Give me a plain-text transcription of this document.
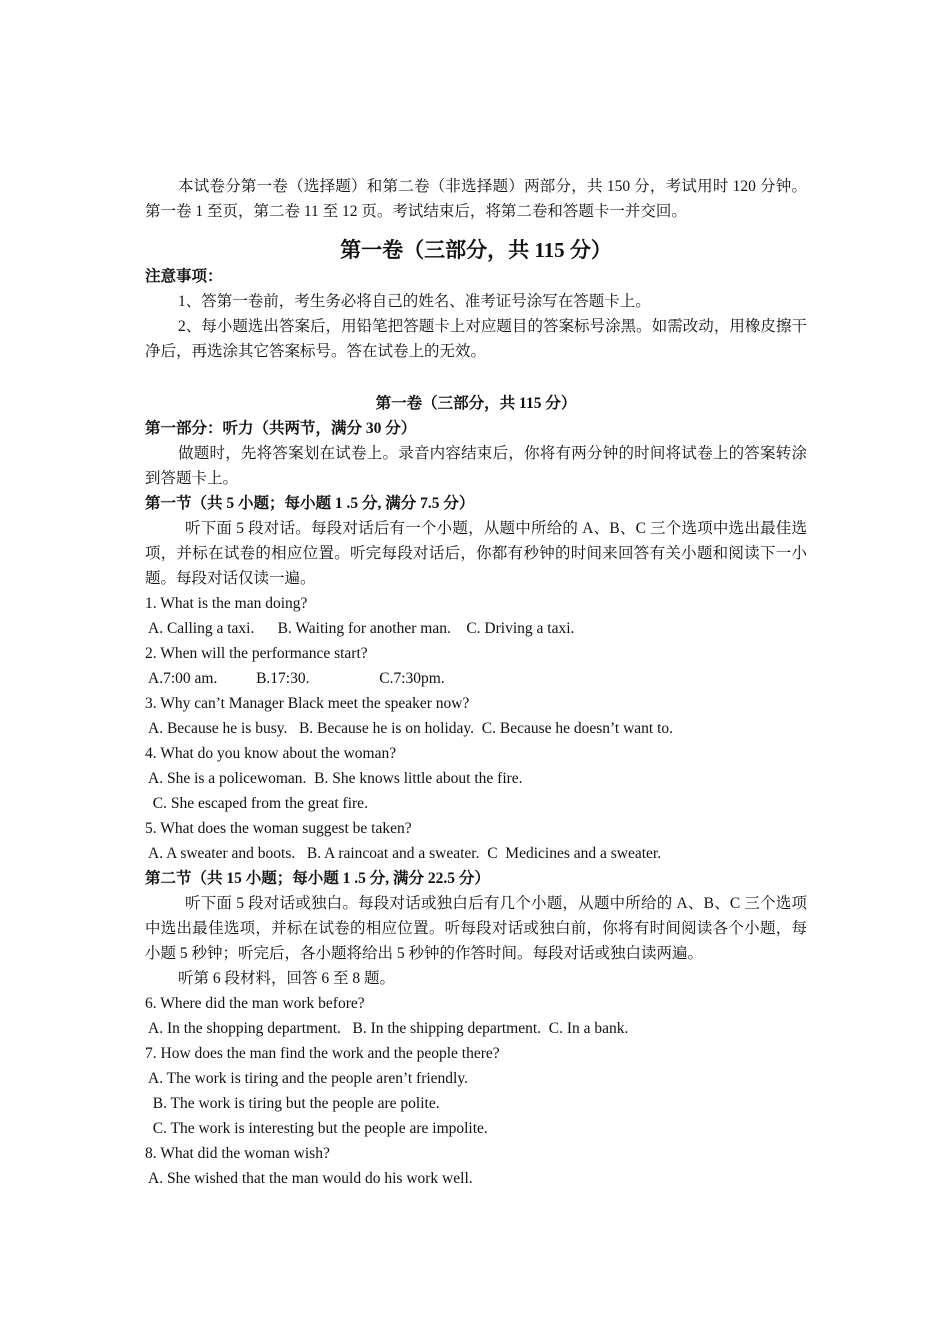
本试卷分第一卷（选择题）和第二卷（非选择题）两部分，共 150 分，考试用时 120 分钟。第一卷 1 至页，第二卷 11 至 12 页。考试结束后，将第二卷和答题卡一并交回。

第一卷（三部分，共 115 分）

注意事项：

1、答第一卷前，考生务必将自己的姓名、准考证号涂写在答题卡上。

2、每小题选出答案后，用铅笔把答题卡上对应题目的答案标号涂黑。如需改动，用橡皮擦干净后，再选涂其它答案标号。答在试卷上的无效。

第一卷（三部分，共 115 分）

第一部分：听力（共两节，满分 30 分）

做题时，先将答案划在试卷上。录音内容结束后，你将有两分钟的时间将试卷上的答案转涂到答题卡上。

第一节（共 5 小题；每小题 1 .5 分, 满分 7.5 分）

听下面 5 段对话。每段对话后有一个小题，从题中所给的 A、B、C 三个选项中选出最佳选项，并标在试卷的相应位置。听完每段对话后，你都有秒钟的时间来回答有关小题和阅读下一小题。每段对话仅读一遍。

1. What is the man doing?

A. Calling a taxi.      B. Waiting for another man.    C. Driving a taxi.

2. When will the performance start?

A.7:00 am.          B.17:30.                  C.7:30pm.

3. Why can’t Manager Black meet the speaker now?

A. Because he is busy.   B. Because he is on holiday.  C. Because he doesn’t want to.

4. What do you know about the woman?

A. She is a policewoman.  B. She knows little about the fire.

C. She escaped from the great fire.

5. What does the woman suggest be taken?

A. A sweater and boots.   B. A raincoat and a sweater.  C  Medicines and a sweater.

第二节（共 15 小题；每小题 1 .5 分, 满分 22.5 分）

听下面 5 段对话或独白。每段对话或独白后有几个小题，从题中所给的 A、B、C 三个选项中选出最佳选项，并标在试卷的相应位置。听每段对话或独白前，你将有时间阅读各个小题，每小题 5 秒钟；听完后，各小题将给出 5 秒钟的作答时间。每段对话或独白读两遍。

听第 6 段材料，回答 6 至 8 题。

6. Where did the man work before?

A. In the shopping department.   B. In the shipping department.  C. In a bank.

7. How does the man find the work and the people there?

A. The work is tiring and the people aren’t friendly.

B. The work is tiring but the people are polite.

C. The work is interesting but the people are impolite.

8. What did the woman wish?

A. She wished that the man would do his work well.
